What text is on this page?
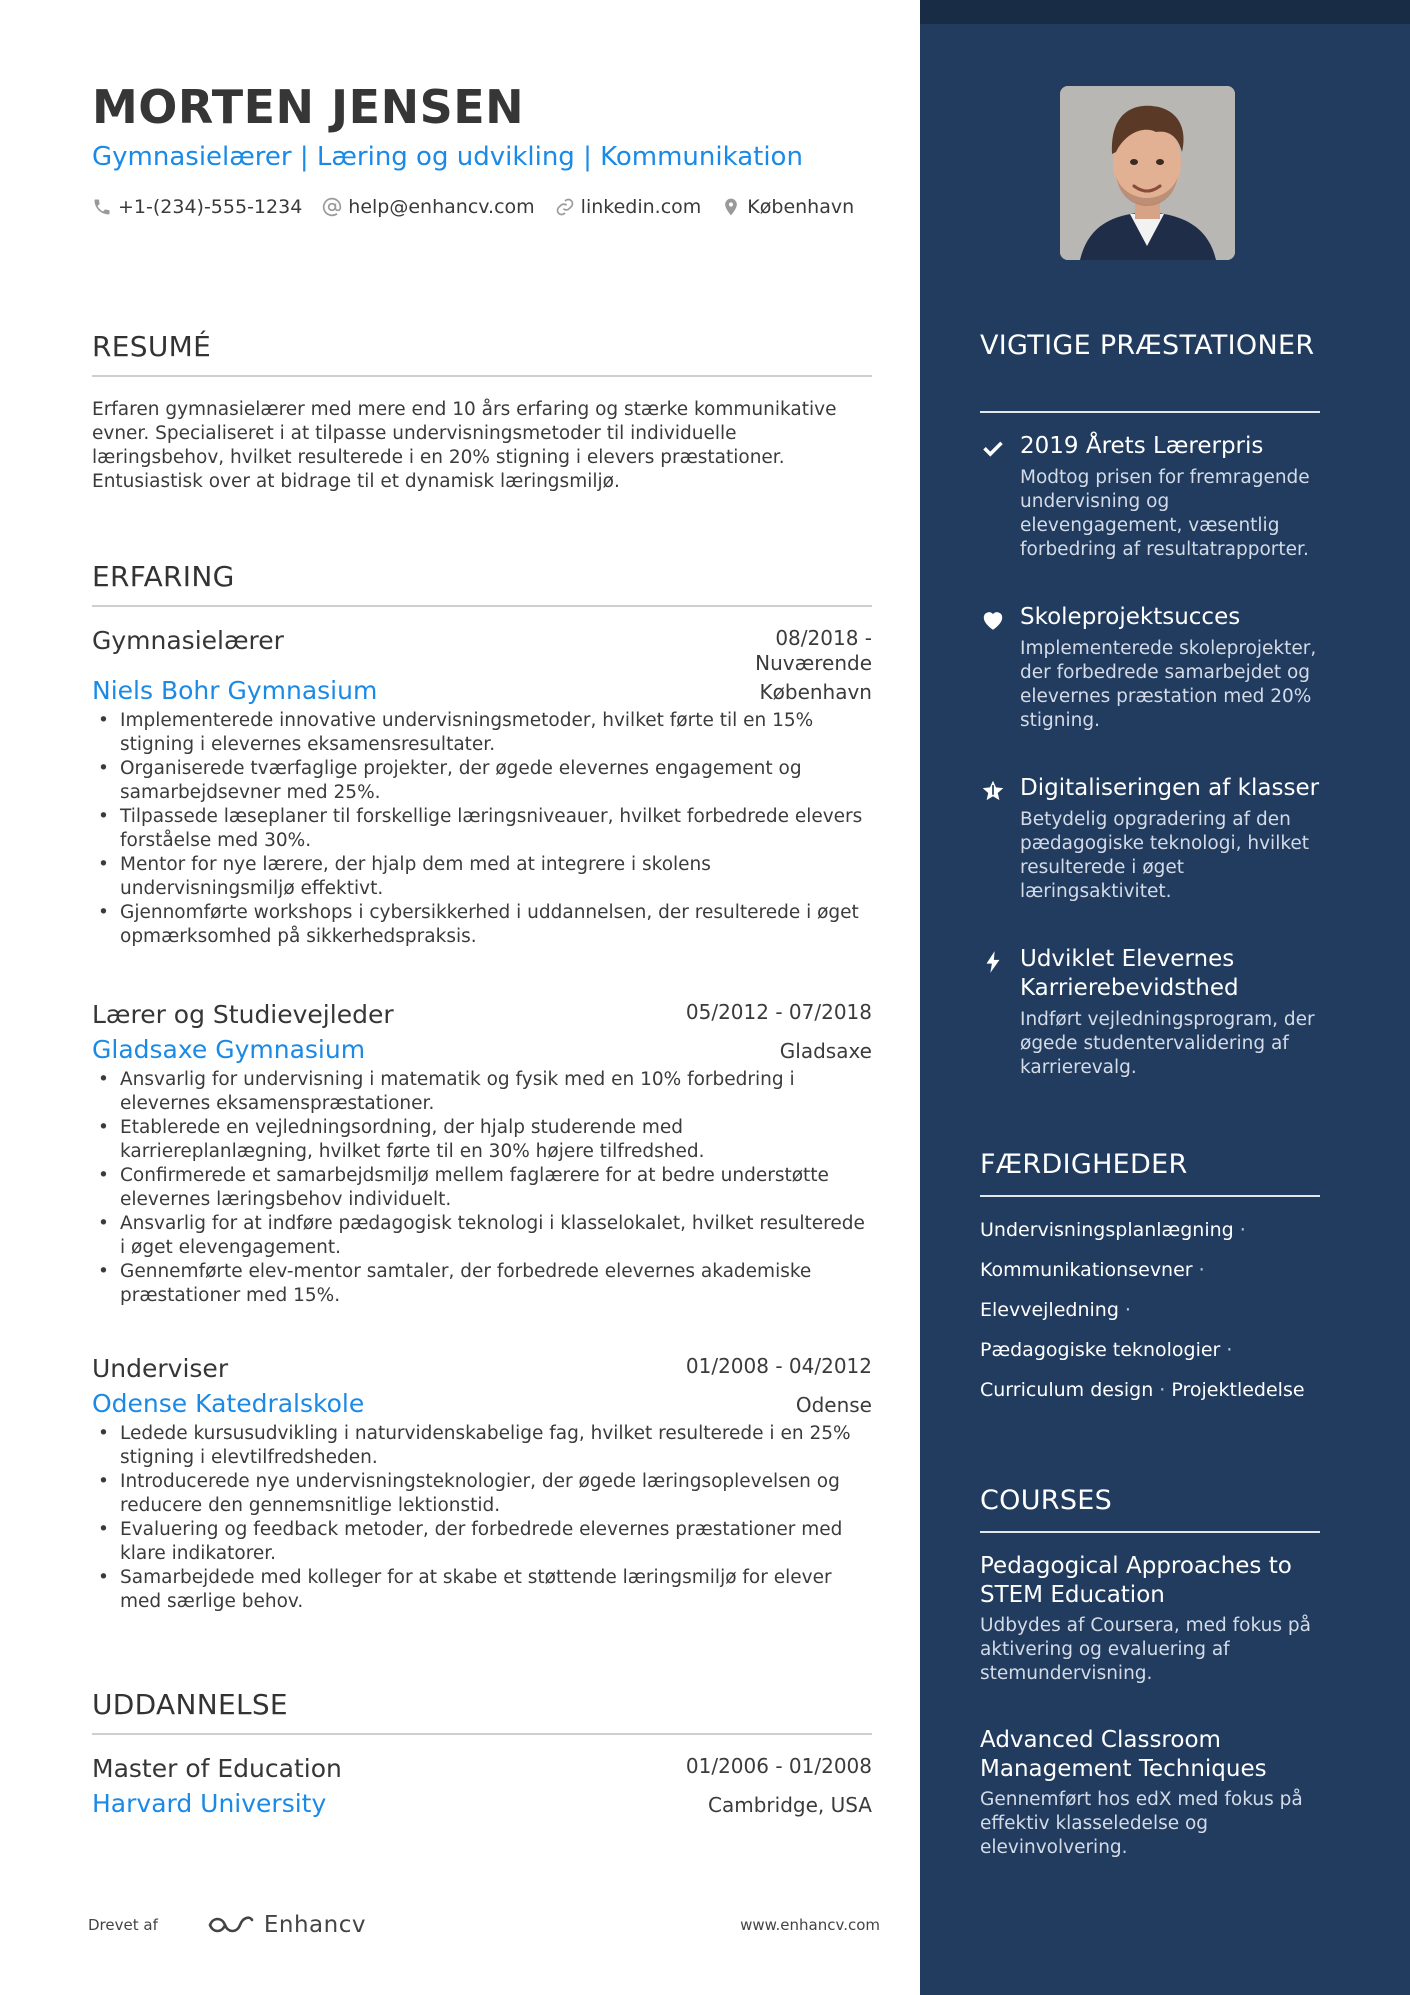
MORTEN JENSEN
Gymnasielærer | Læring og udvikling | Kommunikation
+1-(234)-555-1234 help@enhancv.com linkedin.com København
RESUMÉ
Erfaren gymnasielærer med mere end 10 års erfaring og stærke kommunikative evner. Specialiseret i at tilpasse undervisningsmetoder til individuelle læringsbehov, hvilket resulterede i en 20% stigning i elevers præstationer. Entusiastisk over at bidrage til et dynamisk læringsmiljø.
ERFARING
Gymnasielærer	08/2018 -
Nuværende
Niels Bohr Gymnasium	København
• Implementerede innovative undervisningsmetoder, hvilket førte til en 15% stigning i elevernes eksamensresultater.
• Organiserede tværfaglige projekter, der øgede elevernes engagement og samarbejdsevner med 25%.
• Tilpassede læseplaner til forskellige læringsniveauer, hvilket forbedrede elevers forståelse med 30%.
• Mentor for nye lærere, der hjalp dem med at integrere i skolens undervisningsmiljø effektivt.
• Gjennomførte workshops i cybersikkerhed i uddannelsen, der resulterede i øget opmærksomhed på sikkerhedspraksis.
Lærer og Studievejleder	05/2012 - 07/2018
Gladsaxe Gymnasium	Gladsaxe
• Ansvarlig for undervisning i matematik og fysik med en 10% forbedring i elevernes eksamenspræstationer.
• Etablerede en vejledningsordning, der hjalp studerende med karriereplanlægning, hvilket førte til en 30% højere tilfredshed.
• Confirmerede et samarbejdsmiljø mellem faglærere for at bedre understøtte elevernes læringsbehov individuelt.
• Ansvarlig for at indføre pædagogisk teknologi i klasselokalet, hvilket resulterede i øget elevengagement.
• Gennemførte elev-mentor samtaler, der forbedrede elevernes akademiske præstationer med 15%.
Underviser	01/2008 - 04/2012
Odense Katedralskole	Odense
• Ledede kursusudvikling i naturvidenskabelige fag, hvilket resulterede i en 25% stigning i elevtilfredsheden.
• Introducerede nye undervisningsteknologier, der øgede læringsoplevelsen og reducere den gennemsnitlige lektionstid.
• Evaluering og feedback metoder, der forbedrede elevernes præstationer med klare indikatorer.
• Samarbejdede med kolleger for at skabe et støttende læringsmiljø for elever med særlige behov.
UDDANNELSE
Master of Education	01/2006 - 01/2008
Harvard University	Cambridge, USA
Drevet af	Enhancv	www.enhancv.com
VIGTIGE PRÆSTATIONER
2019 Årets Lærerpris
Modtog prisen for fremragende undervisning og elevengagement, væsentlig forbedring af resultatrapporter.
Skoleprojektsucces
Implementerede skoleprojekter, der forbedrede samarbejdet og elevernes præstation med 20% stigning.
Digitaliseringen af klasser
Betydelig opgradering af den pædagogiske teknologi, hvilket resulterede i øget læringsaktivitet.
Udviklet Elevernes Karrierebevidsthed
Indført vejledningsprogram, der øgede studentervalidering af karrierevalg.
FÆRDIGHEDER
Undervisningsplanlægning ·
Kommunikationsevner ·
Elevvejledning ·
Pædagogiske teknologier ·
Curriculum design · Projektledelse
COURSES
Pedagogical Approaches to STEM Education
Udbydes af Coursera, med fokus på aktivering og evaluering af stemundervisning.
Advanced Classroom Management Techniques
Gennemført hos edX med fokus på effektiv klasseledelse og elevinvolvering.
